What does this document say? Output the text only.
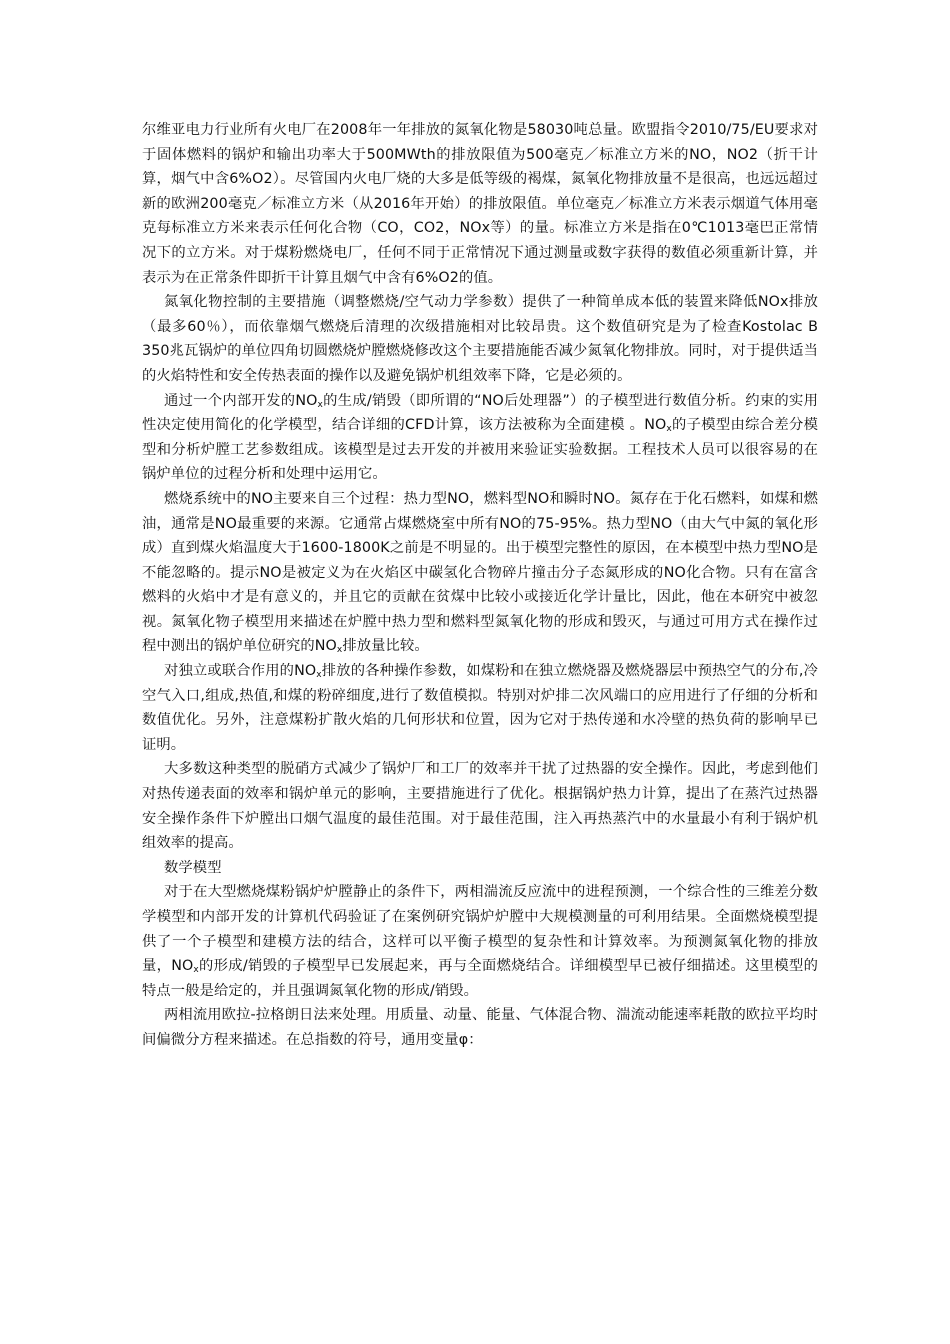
尔维亚电力行业所有火电厂在2008年一年排放的氮氧化物是58030吨总量。欧盟指令2010/75/EU要求对于固体燃料的锅炉和输出功率大于500MWth的排放限值为500毫克／标准立方米的NO，NO2（折干计算，烟气中含6%O2）。尽管国内火电厂烧的大多是低等级的褐煤，氮氧化物排放量不是很高，也远远超过新的欧洲200毫克／标准立方米（从2016年开始）的排放限值。单位毫克／标准立方米表示烟道气体用毫克每标准立方米来表示任何化合物（CO，CO2，NOx等）的量。标准立方米是指在0℃1013毫巴正常情况下的立方米。对于煤粉燃烧电厂，任何不同于正常情况下通过测量或数字获得的数值必须重新计算，并表示为在正常条件即折干计算且烟气中含有6%O2的值。

氮氧化物控制的主要措施（调整燃烧/空气动力学参数）提供了一种简单成本低的装置来降低NOx排放（最多60％），而依靠烟气燃烧后清理的次级措施相对比较昂贵。这个数值研究是为了检查Kostolac B 350兆瓦锅炉的单位四角切圆燃烧炉膛燃烧修改这个主要措施能否减少氮氧化物排放。同时，对于提供适当的火焰特性和安全传热表面的操作以及避免锅炉机组效率下降，它是必须的。

通过一个内部开发的$NO_x$的生成/销毁（即所谓的“NO后处理器”）的子模型进行数值分析。约束的实用性决定使用简化的化学模型，结合详细的CFD计算，该方法被称为全面建模 。$NO_x$的子模型由综合差分模型和分析炉膛工艺参数组成。该模型是过去开发的并被用来验证实验数据。工程技术人员可以很容易的在锅炉单位的过程分析和处理中运用它。

燃烧系统中的NO主要来自三个过程：热力型NO，燃料型NO和瞬时NO。氮存在于化石燃料，如煤和燃油，通常是NO最重要的来源。它通常占煤燃烧室中所有NO的75-95%。热力型NO（由大气中氮的氧化形成）直到煤火焰温度大于1600-1800K之前是不明显的。出于模型完整性的原因，在本模型中热力型NO是不能忽略的。提示NO是被定义为在火焰区中碳氢化合物碎片撞击分子态氮形成的NO化合物。只有在富含燃料的火焰中才是有意义的，并且它的贡献在贫煤中比较小或接近化学计量比，因此，他在本研究中被忽视。氮氧化物子模型用来描述在炉膛中热力型和燃料型氮氧化物的形成和毁灭，与通过可用方式在操作过程中测出的锅炉单位研究的$NO_x$排放量比较。

对独立或联合作用的$NO_x$排放的各种操作参数，如煤粉和在独立燃烧器及燃烧器层中预热空气的分布,冷空气入口,组成,热值,和煤的粉碎细度,进行了数值模拟。特别对炉排二次风端口的应用进行了仔细的分析和数值优化。另外，注意煤粉扩散火焰的几何形状和位置，因为它对于热传递和水冷壁的热负荷的影响早已证明。

大多数这种类型的脱硝方式减少了锅炉厂和工厂的效率并干扰了过热器的安全操作。因此，考虑到他们对热传递表面的效率和锅炉单元的影响，主要措施进行了优化。根据锅炉热力计算，提出了在蒸汽过热器安全操作条件下炉膛出口烟气温度的最佳范围。对于最佳范围，注入再热蒸汽中的水量最小有利于锅炉机组效率的提高。

数学模型

对于在大型燃烧煤粉锅炉炉膛静止的条件下，两相湍流反应流中的进程预测，一个综合性的三维差分数学模型和内部开发的计算机代码验证了在案例研究锅炉炉膛中大规模测量的可利用结果。全面燃烧模型提供了一个子模型和建模方法的结合，这样可以平衡子模型的复杂性和计算效率。为预测氮氧化物的排放量，$NO_x$的形成/销毁的子模型早已发展起来，再与全面燃烧结合。详细模型早已被仔细描述。这里模型的特点一般是给定的，并且强调氮氧化物的形成/销毁。

两相流用欧拉-拉格朗日法来处理。用质量、动量、能量、气体混合物、湍流动能速率耗散的欧拉平均时间偏微分方程来描述。在总指数的符号，通用变量φ：
